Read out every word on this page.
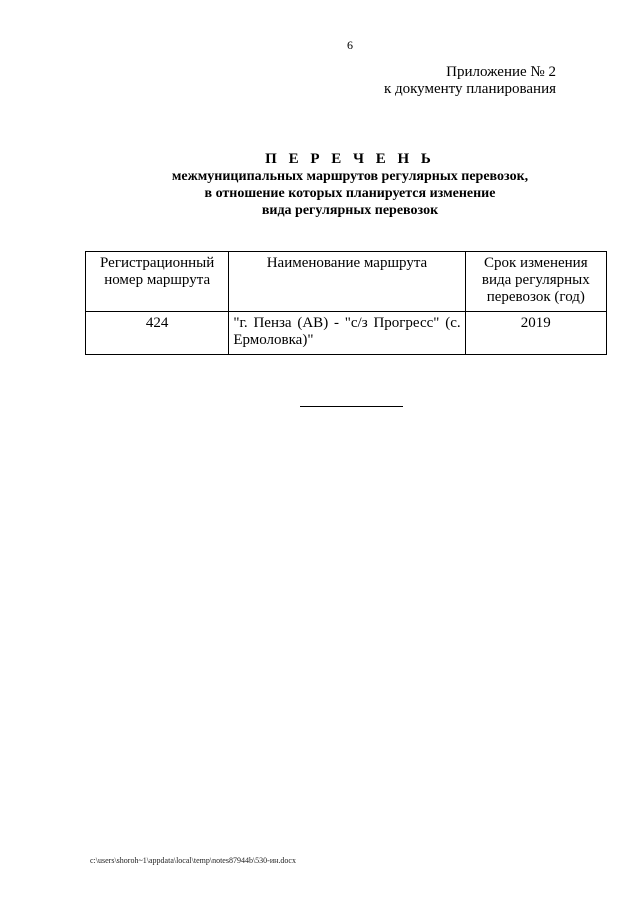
6
Приложение № 2
к документу планирования
П Е Р Е Ч Е Н Ь
межмуниципальных маршрутов регулярных перевозок,
в отношение которых планируется изменение
вида регулярных перевозок
Регистрационный номер маршрута	Наименование маршрута	Срок изменения вида регулярных перевозок (год)
424	"г. Пенза (АВ) - "с/з Прогресс" (с. Ермоловка)"	2019
c:\users\shoroh~1\appdata\local\temp\notes87944b\530-ин.docx
